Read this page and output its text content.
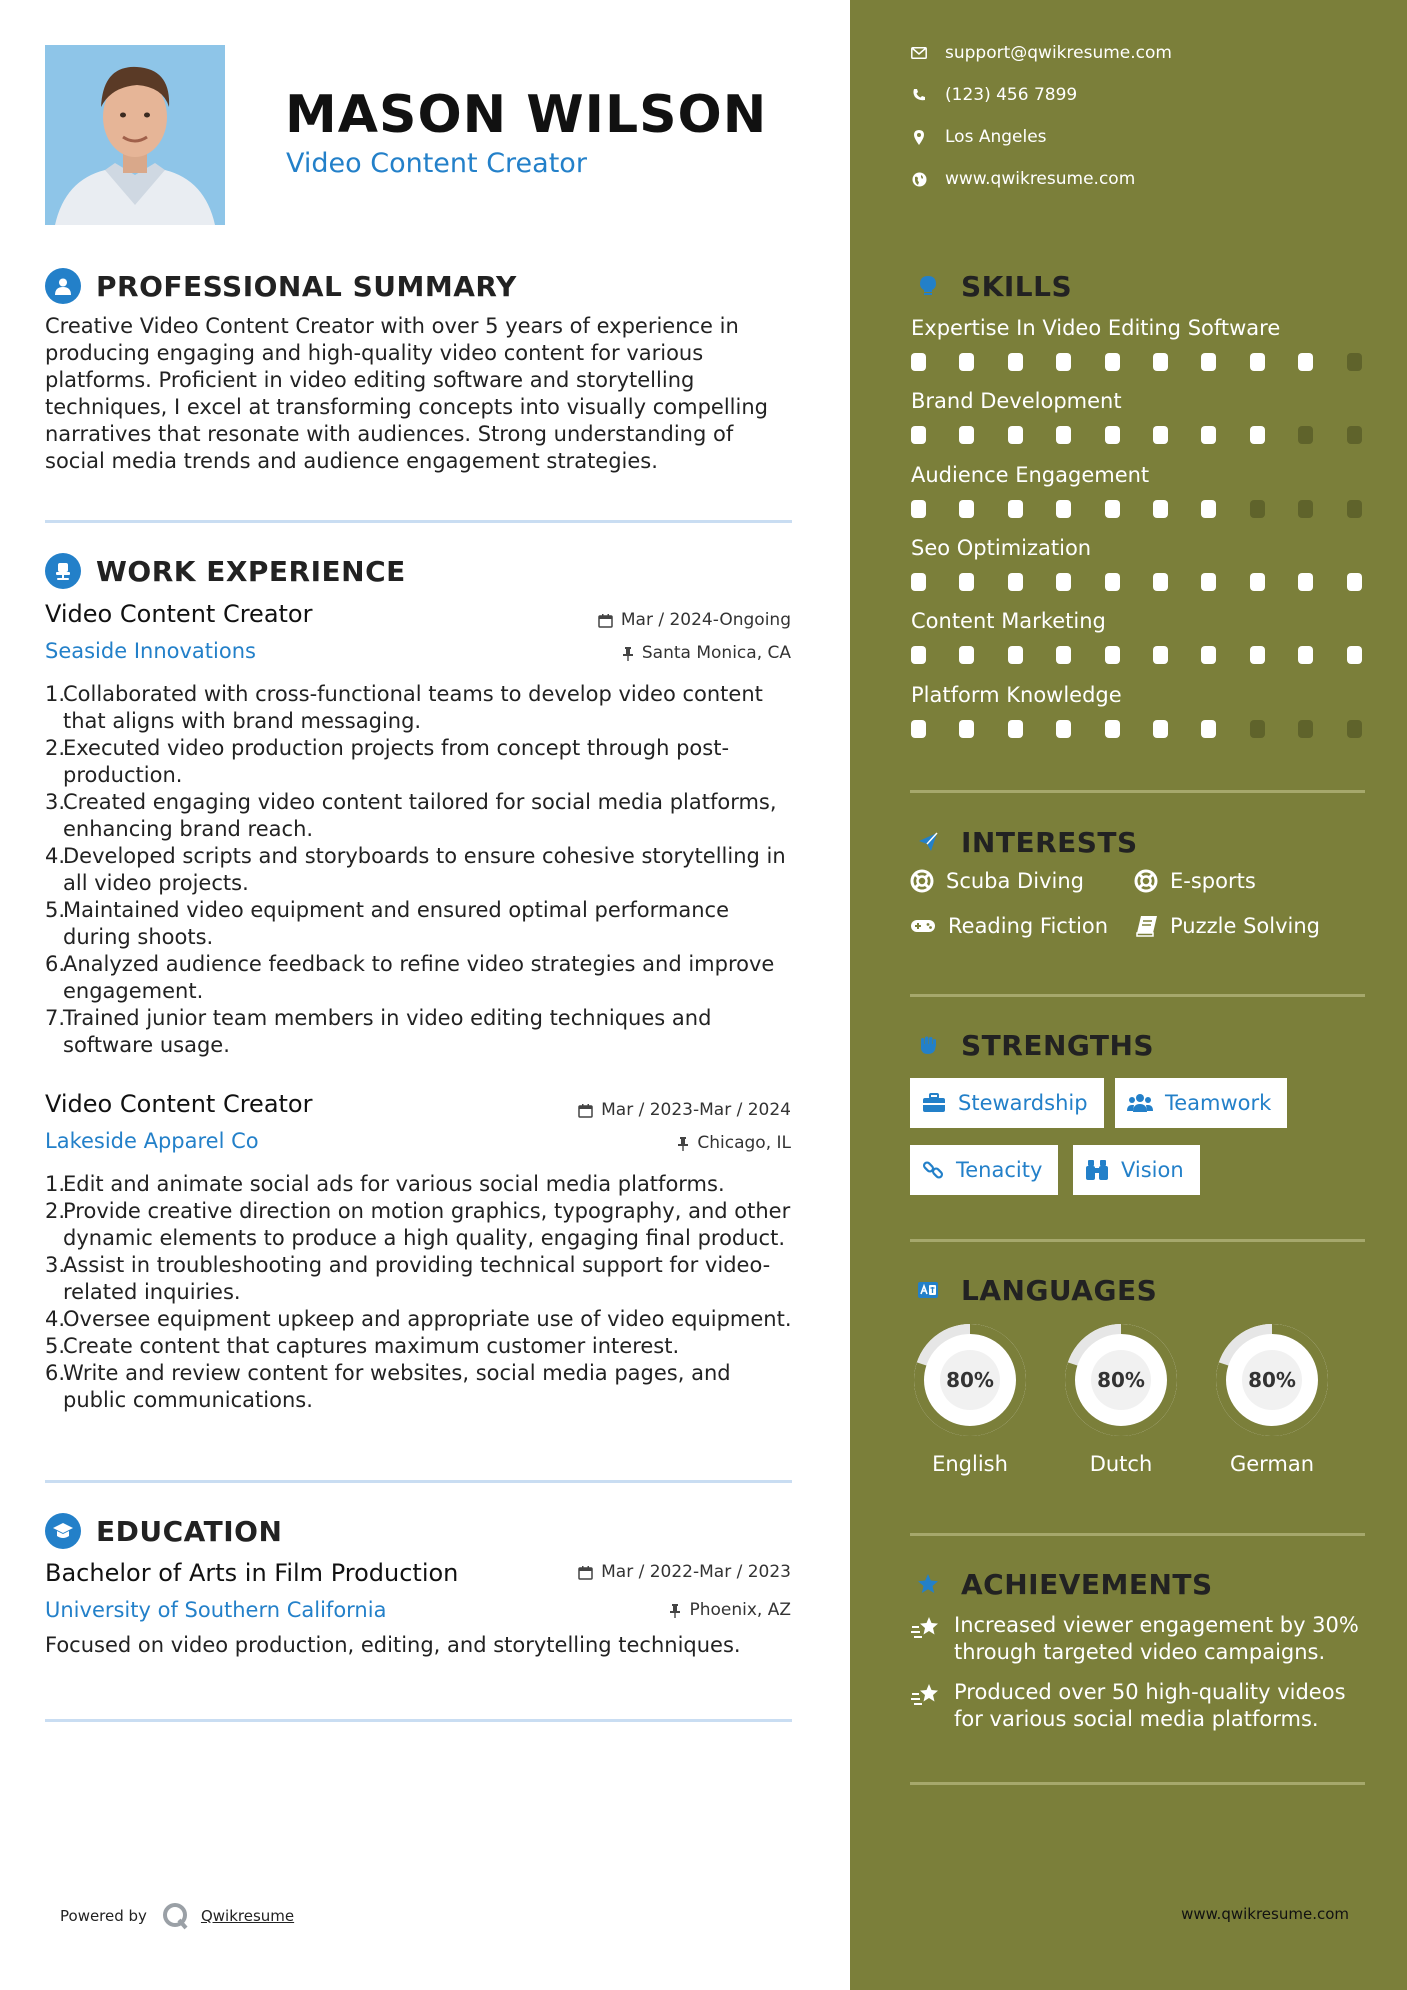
MASON WILSON
Video Content Creator
PROFESSIONAL SUMMARY
Creative Video Content Creator with over 5 years of experience in producing engaging and high-quality video content for various platforms. Proficient in video editing software and storytelling techniques, I excel at transforming concepts into visually compelling narratives that resonate with audiences. Strong understanding of social media trends and audience engagement strategies.
WORK EXPERIENCE
Video Content Creator
Seaside Innovations
Mar / 2024-Ongoing
Santa Monica, CA
1.
Collaborated with cross-functional teams to develop video content that aligns with brand messaging.
2.
Executed video production projects from concept through post-production.
3.
Created engaging video content tailored for social media platforms, enhancing brand reach.
4.
Developed scripts and storyboards to ensure cohesive storytelling in all video projects.
5.
Maintained video equipment and ensured optimal performance during shoots.
6.
Analyzed audience feedback to refine video strategies and improve engagement.
7.
Trained junior team members in video editing techniques and software usage.
Video Content Creator
Lakeside Apparel Co
Mar / 2023-Mar / 2024
Chicago, IL
1.
Edit and animate social ads for various social media platforms.
2.
Provide creative direction on motion graphics, typography, and other dynamic elements to produce a high quality, engaging final product.
3.
Assist in troubleshooting and providing technical support for video-related inquiries.
4.
Oversee equipment upkeep and appropriate use of video equipment.
5.
Create content that captures maximum customer interest.
6.
Write and review content for websites, social media pages, and public communications.
EDUCATION
Bachelor of Arts in Film Production
University of Southern California
Mar / 2022-Mar / 2023
Phoenix, AZ
Focused on video production, editing, and storytelling techniques.
Powered by	Qwikresume
support@qwikresume.com
(123) 456 7899
Los Angeles
www.qwikresume.com
SKILLS
Expertise In Video Editing Software
Brand Development
Audience Engagement
Seo Optimization
Content Marketing
Platform Knowledge
INTERESTS
Scuba Diving	E-sports
Reading Fiction	Puzzle Solving
STRENGTHS
Stewardship	Teamwork
Tenacity	Vision
LANGUAGES
80%
English
80%
Dutch
80%
German
ACHIEVEMENTS
Increased viewer engagement by 30% through targeted video campaigns.
Produced over 50 high-quality videos for various social media platforms.
www.qwikresume.com
